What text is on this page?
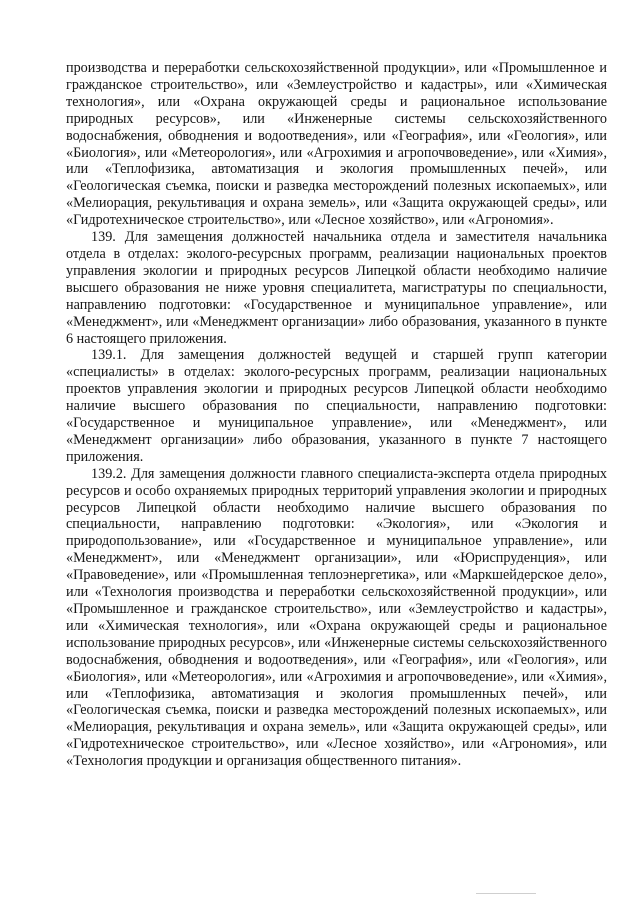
производства и переработки сельскохозяйственной продукции», или «Промышленное и гражданское строительство», или «Землеустройство и кадастры», или «Химическая технология», или «Охрана окружающей среды и рациональное использование природных ресурсов», или «Инженерные системы сельскохозяйственного водоснабжения, обводнения и водоотведения», или «География», или «Геология», или «Биология», или «Метеорология», или «Агрохимия и агропочвоведение», или «Химия», или «Теплофизика, автоматизация и экология промышленных печей», или «Геологическая съемка, поиски и разведка месторождений полезных ископаемых», или «Мелиорация, рекультивация и охрана земель», или «Защита окружающей среды», или «Гидротехническое строительство», или «Лесное хозяйство», или «Агрономия».

139. Для замещения должностей начальника отдела и заместителя начальника отдела в отделах: эколого-ресурсных программ, реализации национальных проектов управления экологии и природных ресурсов Липецкой области необходимо наличие высшего образования не ниже уровня специалитета, магистратуры по специальности, направлению подготовки: «Государственное и муниципальное управление», или «Менеджмент», или «Менеджмент организации» либо образования, указанного в пункте 6 настоящего приложения.

139.1. Для замещения должностей ведущей и старшей групп категории «специалисты» в отделах: эколого-ресурсных программ, реализации национальных проектов управления экологии и природных ресурсов Липецкой области необходимо наличие высшего образования по специальности, направлению подготовки: «Государственное и муниципальное управление», или «Менеджмент», или «Менеджмент организации» либо образования, указанного в пункте 7 настоящего приложения.

139.2. Для замещения должности главного специалиста-эксперта отдела природных ресурсов и особо охраняемых природных территорий управления экологии и природных ресурсов Липецкой области необходимо наличие высшего образования по специальности, направлению подготовки: «Экология», или «Экология и природопользование», или «Государственное и муниципальное управление», или «Менеджмент», или «Менеджмент организации», или «Юриспруденция», или «Правоведение», или «Промышленная теплоэнергетика», или «Маркшейдерское дело», или «Технология производства и переработки сельскохозяйственной продукции», или «Промышленное и гражданское строительство», или «Землеустройство и кадастры», или «Химическая технология», или «Охрана окружающей среды и рациональное использование природных ресурсов», или «Инженерные системы сельскохозяйственного водоснабжения, обводнения и водоотведения», или «География», или «Геология», или «Биология», или «Метеорология», или «Агрохимия и агропочвоведение», или «Химия», или «Теплофизика, автоматизация и экология промышленных печей», или «Геологическая съемка, поиски и разведка месторождений полезных ископаемых», или «Мелиорация, рекультивация и охрана земель», или «Защита окружающей среды», или «Гидротехническое строительство», или «Лесное хозяйство», или «Агрономия», или «Технология продукции и организация общественного питания».
